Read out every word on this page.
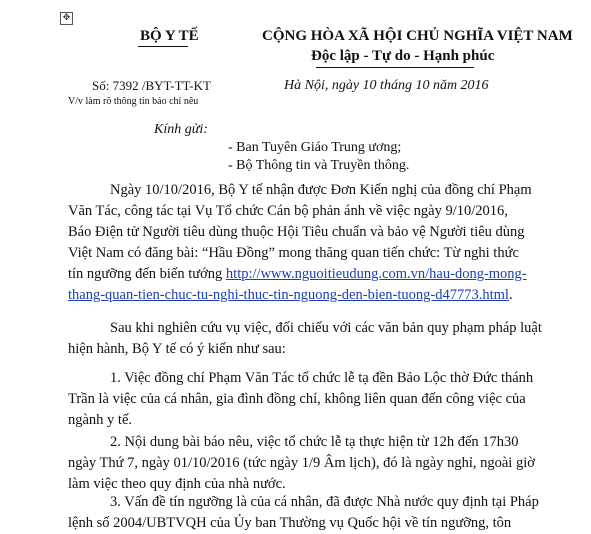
✥
BỘ Y TẾ	CỘNG HÒA XÃ HỘI CHỦ NGHĨA VIỆT NAM
Độc lập - Tự do - Hạnh phúc
Số: 7392 /BYT-TT-KT
V/v làm rõ thông tin báo chí nêu
Hà Nội, ngày 10 tháng 10 năm 2016
Kính gửi:
- Ban Tuyên Giáo Trung ương;
- Bộ Thông tin và Truyền thông.
Ngày 10/10/2016, Bộ Y tế nhận được Đơn Kiến nghị của đồng chí Phạm
Văn Tác, công tác tại Vụ Tổ chức Cán bộ phản ánh về việc ngày 9/10/2016,
Báo Điện tử Người tiêu dùng thuộc Hội Tiêu chuẩn và bảo vệ Người tiêu dùng
Việt Nam có đăng bài: “Hầu Đồng” mong thăng quan tiến chức: Từ nghi thức
tín ngưỡng đến biến tướng http://www.nguoitieudung.com.vn/hau-dong-mong-
thang-quan-tien-chuc-tu-nghi-thuc-tin-nguong-den-bien-tuong-d47773.html.
Sau khi nghiên cứu vụ việc, đối chiếu với các văn bản quy phạm pháp luật
hiện hành, Bộ Y tế có ý kiến như sau:
1. Việc đồng chí Phạm Văn Tác tổ chức lễ tạ đền Bảo Lộc thờ Đức thánh
Trần là việc của cá nhân, gia đình đồng chí, không liên quan đến công việc của
ngành y tế.
2. Nội dung bài báo nêu, việc tổ chức lễ tạ thực hiện từ 12h đến 17h30
ngày Thứ 7, ngày 01/10/2016 (tức ngày 1/9 Âm lịch), đó là ngày nghỉ, ngoài giờ
làm việc theo quy định của nhà nước.
3. Vấn đề tín ngưỡng là của cá nhân, đã được Nhà nước quy định tại Pháp
lệnh số 2004/UBTVQH của Ủy ban Thường vụ Quốc hội về tín ngưỡng, tôn
